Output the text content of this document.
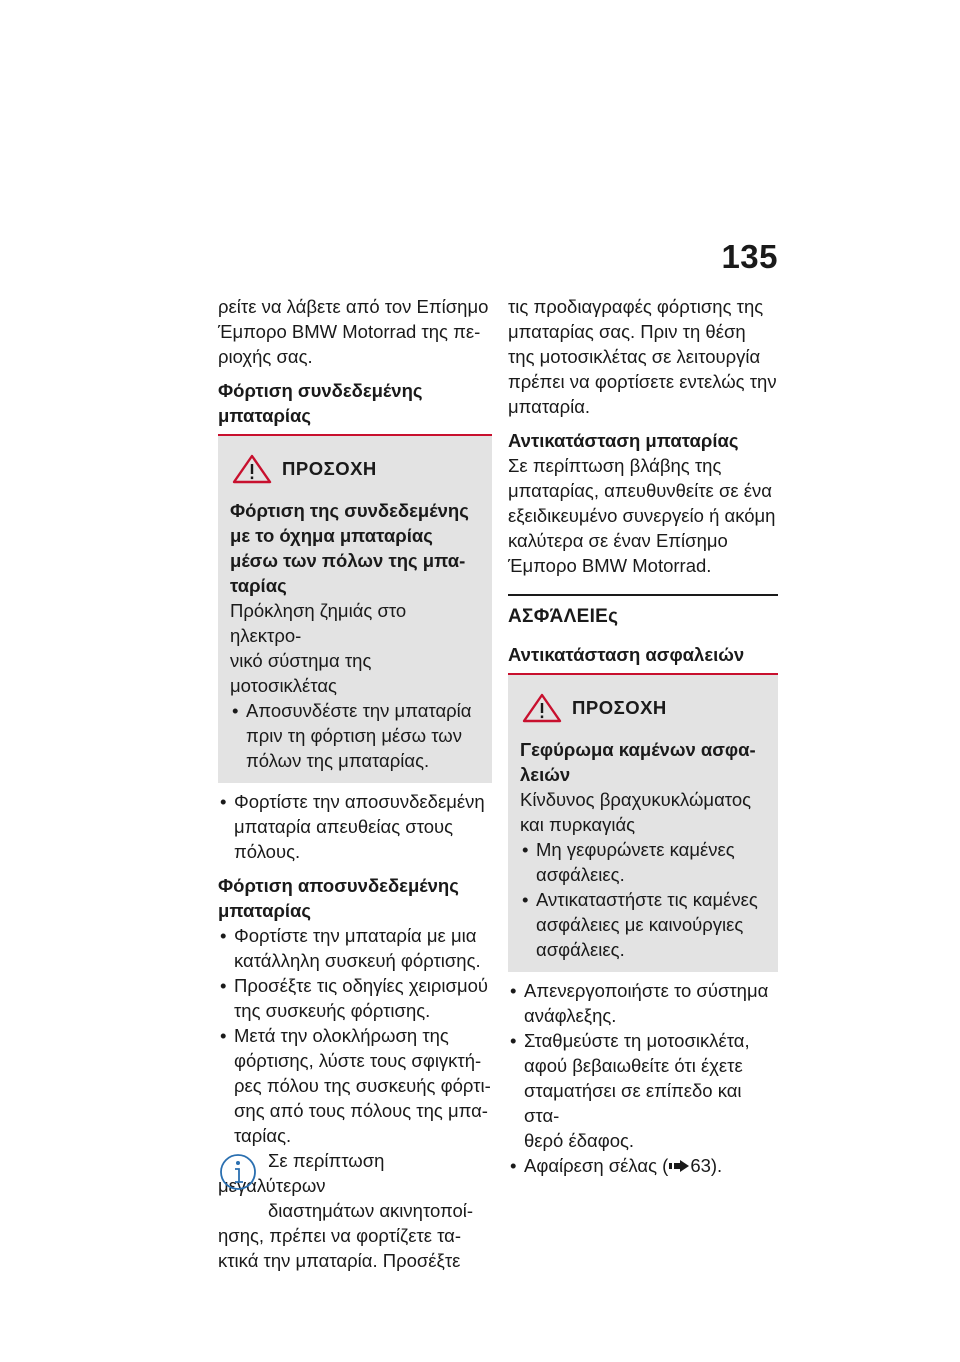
135

ρείτε να λάβετε από τον Επίσημο
Έμπορο BMW Motorrad της πε-
ριοχής σας.

Φόρτιση συνδεδεμένης
μπαταρίας

ΠΡΟΣΟΧΗ

Φόρτιση της συνδεδεμένης
με το όχημα μπαταρίας
μέσω των πόλων της μπα-
ταρίας

Πρόκληση ζημιάς στο ηλεκτρο-
νικό σύστημα της μοτοσικλέτας

• Αποσυνδέστε την μπαταρία
πριν τη φόρτιση μέσω των
πόλων της μπαταρίας.
• Φορτίστε την αποσυνδεδεμένη
μπαταρία απευθείας στους
πόλους.

Φόρτιση αποσυνδεδεμένης
μπαταρίας

• Φορτίστε την μπαταρία με μια
κατάλληλη συσκευή φόρτισης.
• Προσέξτε τις οδηγίες χειρισμού
της συσκευής φόρτισης.
• Μετά την ολοκλήρωση της
φόρτισης, λύστε τους σφιγκτή-
ρες πόλου της συσκευής φόρτι-
σης από τους πόλους της μπα-
ταρίας.

Σε περίπτωση μεγαλύτερων
διαστημάτων ακινητοποί-
ησης, πρέπει να φορτίζετε τα-
κτικά την μπαταρία. Προσέξτε

τις προδιαγραφές φόρτισης της
μπαταρίας σας. Πριν τη θέση
της μοτοσικλέτας σε λειτουργία
πρέπει να φορτίσετε εντελώς την
μπαταρία.

Αντικατάσταση μπαταρίας

Σε περίπτωση βλάβης της
μπαταρίας, απευθυνθείτε σε ένα
εξειδικευμένο συνεργείο ή ακόμη
καλύτερα σε έναν Επίσημο
Έμπορο BMW Motorrad.

ΑΣΦΆΛΕΙΕς

Αντικατάσταση ασφαλειών

ΠΡΟΣΟΧΗ

Γεφύρωμα καμένων ασφα-
λειών

Κίνδυνος βραχυκυκλώματος
και πυρκαγιάς

• Μη γεφυρώνετε καμένες
ασφάλειες.
• Αντικαταστήστε τις καμένες
ασφάλειες με καινούργιες
ασφάλειες.
• Απενεργοποιήστε το σύστημα
ανάφλεξης.
• Σταθμεύστε τη μοτοσικλέτα,
αφού βεβαιωθείτε ότι έχετε
σταματήσει σε επίπεδο και στα-
θερό έδαφος.
• Αφαίρεση σέλας ( 63).
